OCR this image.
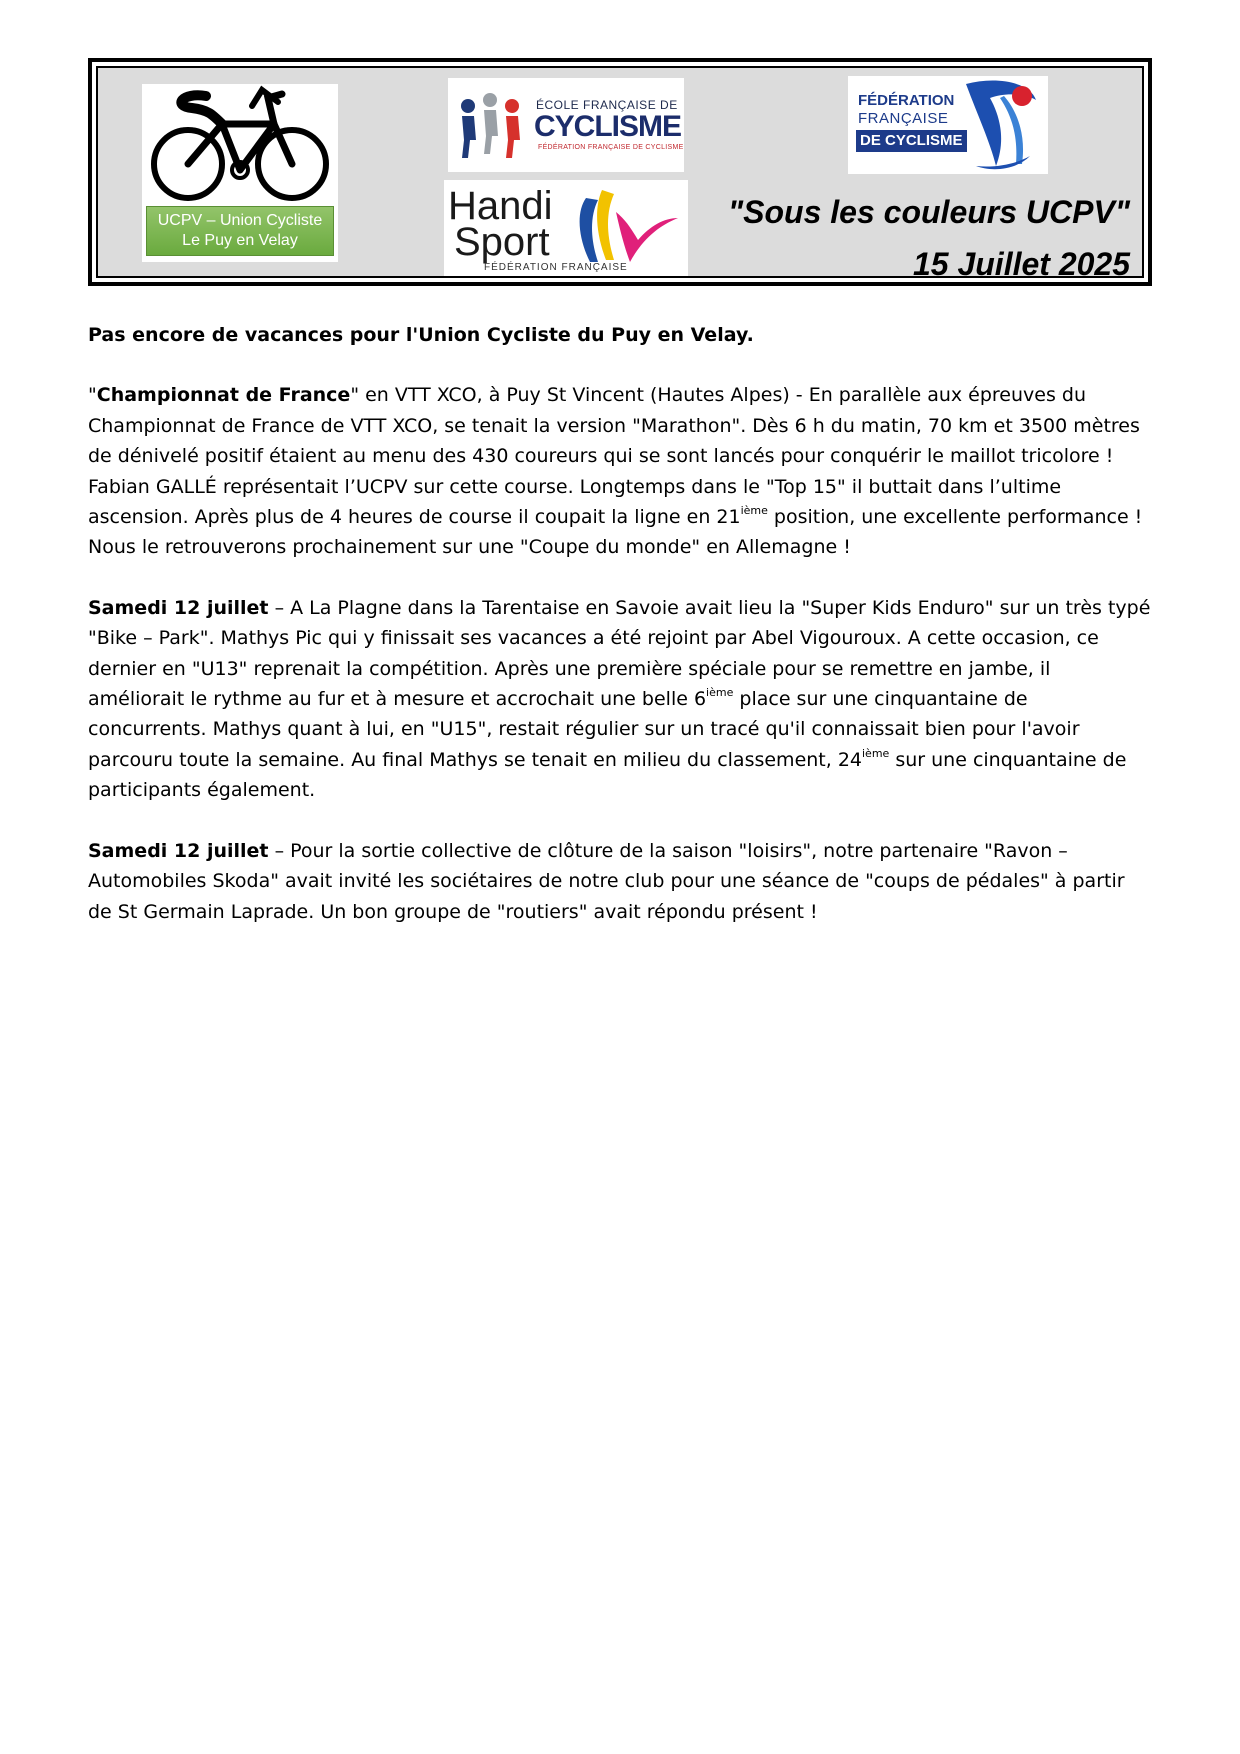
UCPV – Union Cycliste
Le Puy en Velay
ÉCOLE FRANÇAISE DE
CYCLISME
FÉDÉRATION FRANÇAISE DE CYCLISME
Handi
Sport
FÉDÉRATION FRANÇAISE
FÉDÉRATION
FRANÇAISE
DE CYCLISME
"Sous les couleurs UCPV"
15 Juillet 2025

Pas encore de vacances pour l'Union Cycliste du Puy en Velay.

"Championnat de France" en VTT XCO, à Puy St Vincent (Hautes Alpes) - En parallèle aux épreuves du Championnat de France de VTT XCO, se tenait la version "Marathon". Dès 6 h du matin, 70 km et 3500 mètres de dénivelé positif étaient au menu des 430 coureurs qui se sont lancés pour conquérir le maillot tricolore ! Fabian GALLÉ représentait l’UCPV sur cette course. Longtemps dans le "Top 15" il buttait dans l’ultime ascension. Après plus de 4 heures de course il coupait la ligne en 21ième position, une excellente performance ! Nous le retrouverons prochainement sur une "Coupe du monde" en Allemagne !

Samedi 12 juillet – A La Plagne dans la Tarentaise en Savoie avait lieu la "Super Kids Enduro" sur un très typé "Bike – Park". Mathys Pic qui y finissait ses vacances a été rejoint par Abel Vigouroux. A cette occasion, ce dernier en "U13" reprenait la compétition. Après une première spéciale pour se remettre en jambe, il améliorait le rythme au fur et à mesure et accrochait une belle 6ième place sur une cinquantaine de concurrents. Mathys quant à lui, en "U15", restait régulier sur un tracé qu'il connaissait bien pour l'avoir parcouru toute la semaine. Au final Mathys se tenait en milieu du classement, 24ième sur une cinquantaine de participants également.

Samedi 12 juillet – Pour la sortie collective de clôture de la saison "loisirs", notre partenaire "Ravon – Automobiles Skoda" avait invité les sociétaires de notre club pour une séance de "coups de pédales" à partir de St Germain Laprade. Un bon groupe de "routiers" avait répondu présent !
